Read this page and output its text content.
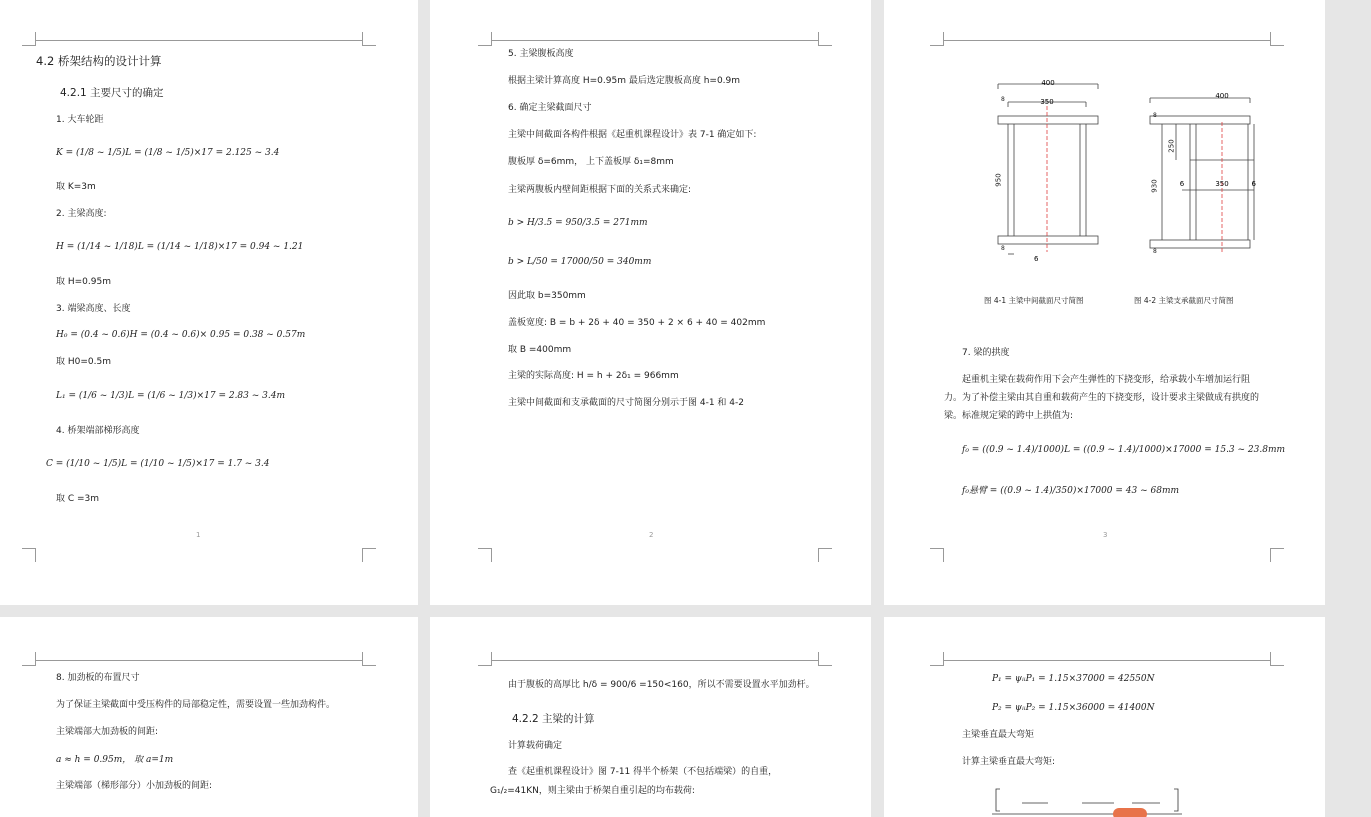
4.2 桥架结构的设计计算
4.2.1 主要尺寸的确定
1. 大车轮距
K = (1/8 ~ 1/5)L = (1/8 ~ 1/5)×17 = 2.125 ~ 3.4
取 K=3m
2. 主梁高度:
H = (1/14 ~ 1/18)L = (1/14 ~ 1/18)×17 = 0.94 ~ 1.21
取 H=0.95m
3. 端梁高度、长度
H₀ = (0.4 ~ 0.6)H = (0.4 ~ 0.6)× 0.95 = 0.38 ~ 0.57m
取 H0=0.5m
L₁ = (1/6 ~ 1/3)L = (1/6 ~ 1/3)×17 = 2.83 ~ 3.4m
4. 桥架端部梯形高度
C = (1/10 ~ 1/5)L = (1/10 ~ 1/5)×17 = 1.7 ~ 3.4
取 C =3m
1
5. 主梁腹板高度
根据主梁计算高度 H=0.95m 最后选定腹板高度 h=0.9m
6. 确定主梁截面尺寸
主梁中间截面各构件根据《起重机课程设计》表 7-1 确定如下:
腹板厚 δ=6mm， 上下盖板厚 δ₁=8mm
主梁两腹板内壁间距根据下面的关系式来确定:
b > H/3.5 = 950/3.5 = 271mm
b > L/50 = 17000/50 = 340mm
因此取 b=350mm
盖板宽度: B = b + 2δ + 40 = 350 + 2 × 6 + 40 = 402mm
取 B =400mm
主梁的实际高度: H = h + 2δ₁ = 966mm
主梁中间截面和支承截面的尺寸简图分别示于图 4-1 和 4-2
2
400
350
6
950
8
8
400
6	350	6
250
930
8
8
图 4-1 主梁中间截面尺寸简图	图 4-2 主梁支承截面尺寸简图
7. 梁的拱度
起重机主梁在载荷作用下会产生弹性的下挠变形，给承载小车增加运行阻力。为了补偿主梁由其自重和载荷产生的下挠变形，设计要求主梁做成有拱度的梁。标准规定梁的跨中上拱值为:
f₀ = ((0.9 ~ 1.4)/1000)L = ((0.9 ~ 1.4)/1000)×17000 = 15.3 ~ 23.8mm
f₀悬臂 = ((0.9 ~ 1.4)/350)×17000 = 43 ~ 68mm
3
8. 加劲板的布置尺寸
为了保证主梁截面中受压构件的局部稳定性，需要设置一些加劲构件。
主梁端部大加劲板的间距:
a ≈ h = 0.95m， 取 a=1m
主梁端部（梯形部分）小加劲板的间距:
由于腹板的高厚比 h/δ = 900/6 =150<160，所以不需要设置水平加劲杆。
4.2.2 主梁的计算
计算载荷确定
查《起重机课程设计》图 7-11 得半个桥架（不包括端梁）的自重，
G₁/₂=41KN，则主梁由于桥架自重引起的均布载荷:
P₁ = ψᵢᵢP₁ = 1.15×37000 = 42550N
P₂ = ψᵢᵢP₂ = 1.15×36000 = 41400N
主梁垂直最大弯矩
计算主梁垂直最大弯矩:
